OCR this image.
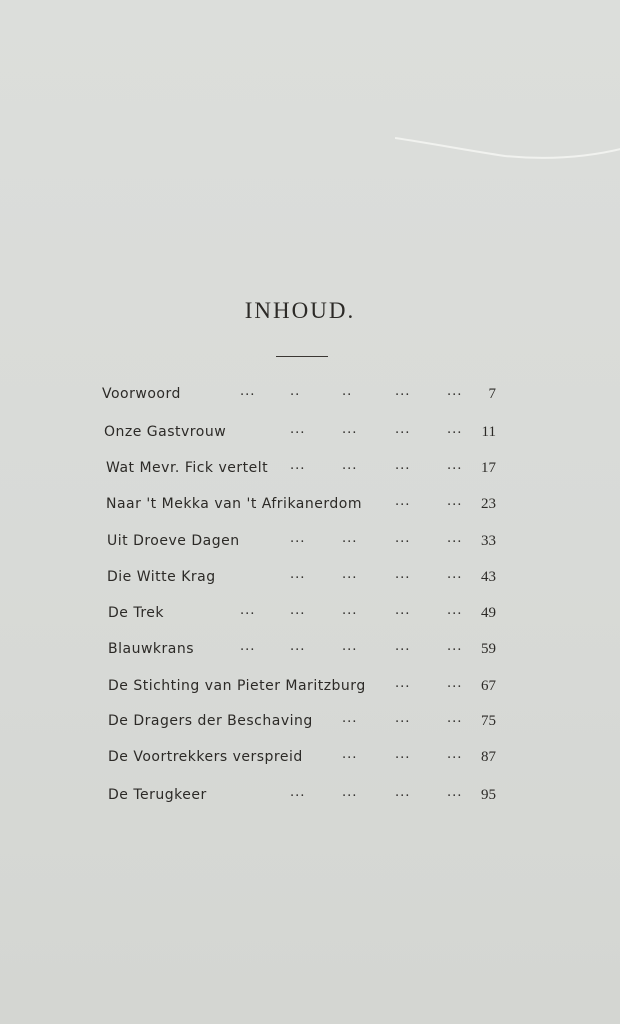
INHOUD.
Voorwoord	...	..	..	...	... 7
Onze Gastvrouw	...	...	...	... 11
Wat Mevr. Fick vertelt ...	...	...	... 17
Naar 't Mekka van 't Afrikanerdom	...	... 23
Uit Droeve Dagen	...	...	...	... 33
Die Witte Krag	...	...	...	... 43
De Trek	...	...	...	...	... 49
Blauwkrans	...	...	...	...	... 59
De Stichting van Pieter Maritzburg ...	... 67
De Dragers der Beschaving ...	...	... 75
De Voortrekkers verspreid	...	...	... 87
De Terugkeer	...	...	...	... 95
